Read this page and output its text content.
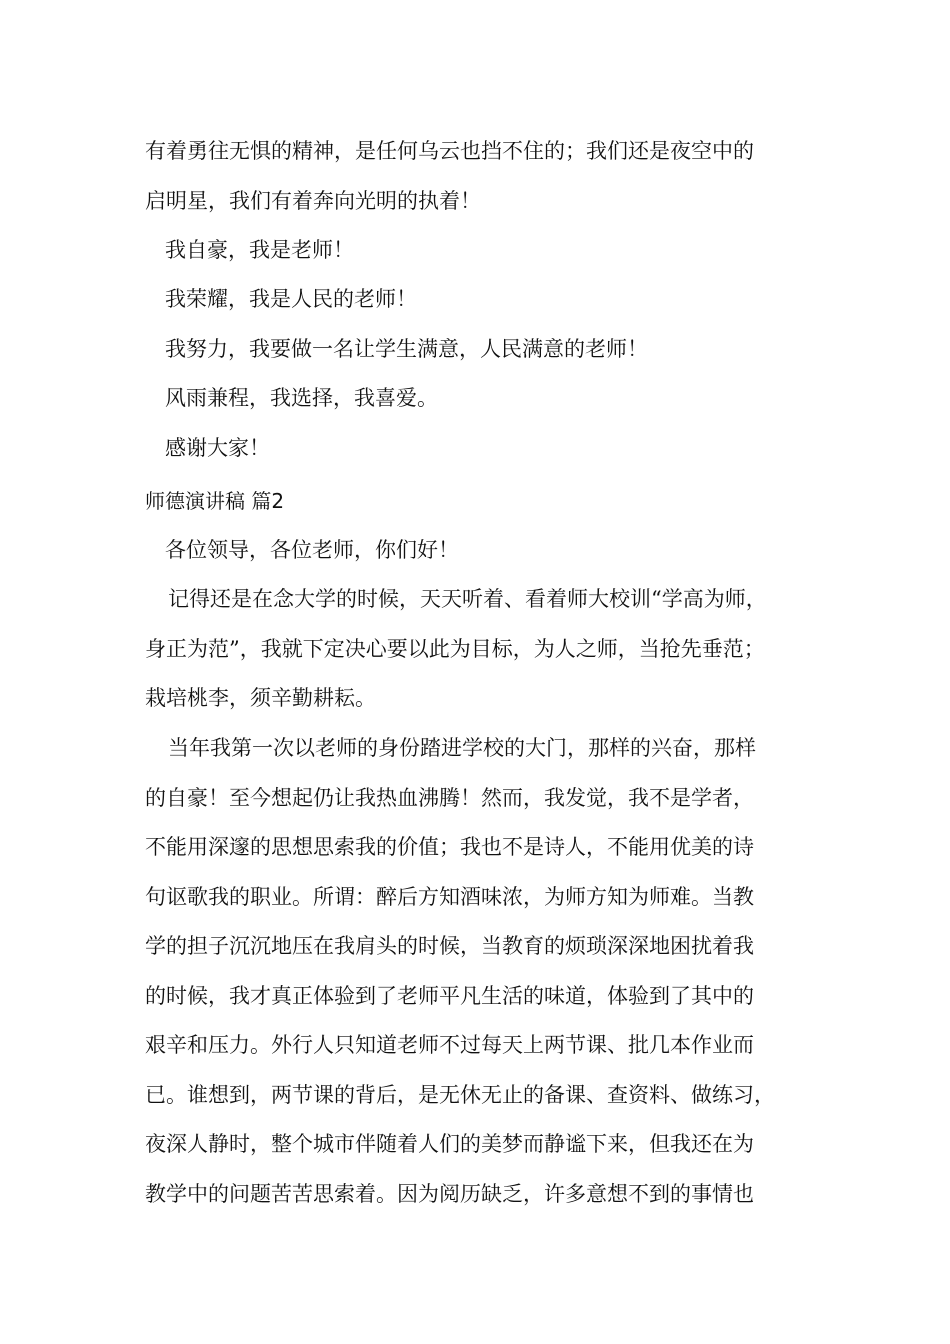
有着勇往无惧的精神，是任何乌云也挡不住的；我们还是夜空中的
启明星，我们有着奔向光明的执着！
我自豪，我是老师！
我荣耀，我是人民的老师！
我努力，我要做一名让学生满意，人民满意的老师！
风雨兼程，我选择，我喜爱。
感谢大家！
师德演讲稿 篇2
各位领导，各位老师，你们好！
记得还是在念大学的时候，天天听着、看着师大校训“学高为师，
身正为范”，我就下定决心要以此为目标，为人之师，当抢先垂范；
栽培桃李，须辛勤耕耘。
当年我第一次以老师的身份踏进学校的大门，那样的兴奋，那样
的自豪！至今想起仍让我热血沸腾！然而，我发觉，我不是学者，
不能用深邃的思想思索我的价值；我也不是诗人，不能用优美的诗
句讴歌我的职业。所谓：醉后方知酒味浓，为师方知为师难。当教
学的担子沉沉地压在我肩头的时候，当教育的烦琐深深地困扰着我
的时候，我才真正体验到了老师平凡生活的味道，体验到了其中的
艰辛和压力。外行人只知道老师不过每天上两节课、批几本作业而
已。谁想到，两节课的背后，是无休无止的备课、查资料、做练习，
夜深人静时，整个城市伴随着人们的美梦而静谧下来，但我还在为
教学中的问题苦苦思索着。因为阅历缺乏，许多意想不到的事情也
